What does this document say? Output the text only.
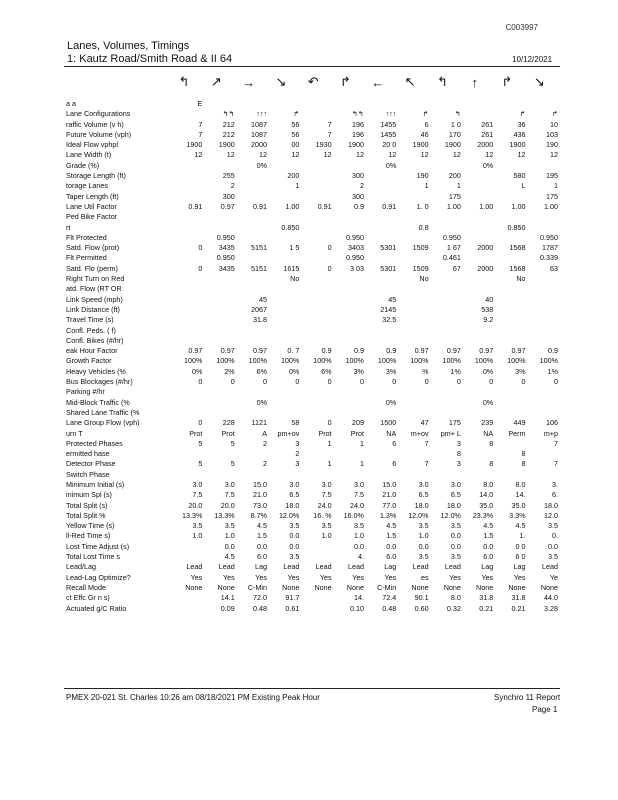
C003997
Lanes, Volumes, Timings
1: Kautz Road/Smith Road & II 64	10/12/2021
↰	↗	→	↘	↶	↱	←	↖	↰	↑	↱	↘
a a	E											
Lane Configurations		↰↰	↑↑↑	↱		↰↰	↑↑↑	↱	↰		↱	↱
raffic Volume (v h)	7	212	1087	56	7	196	1455	6	1 0	261	36	10
Future Volume (vph)	7	212	1087	56	7	196	1455	46	170	261	436	103
Ideal Flow vphpl	1900	1900	2000	00	1930	1900	20 0	1900	1900	2000	1900	190
Lane Width (t)	12	12	12	12	12	12	12	12	12	12	12	12
Grade (%)			0%				0%			0%		
Storage Length (ft)		255		200		300		190	200		580	195
torage Lanes		2		1		2		1	1		L	1
Taper Length (ft)		300				300			175			175
Lane Util Factor	0.91	0.97	0.91	1.00	0.91	0.9	0.91	1. 0	1.00	1.00	1.00	1.00
Ped Bike Factor												
rt				0.850				0.8			0.850	
Flt Protected		0.950				0.950			0.950			0.950
Satd. Flow (prot)	0	3435	5151	1 5	0	3403	5301	1509	1 67	2000	1568	1787
Flt Permitted		0.950				0.950			0.461			0.339
Satd. Flo (perm)	0	3435	5151	1615	0	3 03	5301	1509	67	2000	1568	63
Right Turn on Red				No				No			No	
atd. Flow (RT OR												
Link Speed (mph)			45				45			40		
Link Distance (ft)			2067				2145			538		
Travel Time (s)			31.8				32.5			9.2		
Confl. Peds. ( f)												
Confl. Bikes (#/hr)												
eak Hour Factor	0.97	0.97	0.97	0. 7	0.9	0.9	0.9	0.97	0.97	0.97	0.97	0.9
Growth Factor	100%	100%	100%	100%	100%	100%	100%	100%	100%	100%	100%	100%
Heavy Vehicles (%	0%	2%	6%	0%	6%	3%	3%	%	1%	0%	3%	1%
Bus Blockages (#/hr)	0	0	0	0	0	0	0	0	0	0	0	0
Parking #/hr												
Mid-Block Traffic (%			0%				0%			0%		
Shared Lane Traffic (%												
Lane Group Flow (vph)	0	228	1121	58	0	209	1500	47	175	239	449	106
urn T	Prot	Prot	A	pm+ov	Prot	Prot	NA	m+ov	pm+ L	NA	Perm	m+p
Protected Phases	5	5	2	3	1	1	6	7	3	8		7
ermitted hase				2					8		8	
Detector Phase	5	5	2	3	1	1	6	7	3	8	8	7
Switch Phase												
Minimum Initial (s)	3.0	3.0	15.0	3.0	3.0	3.0	15.0	3.0	3.0	8.0	8.0	3.
inimum Spl (s)	7.5	7.5	21.0	6.5	7.5	7.5	21.0	6.5	6.5	14.0	14.	6.
Total Split (s)	20.0	20.0	73.0	18.0	24.0	24.0	77.0	18.0	18.0	35.0	35.0	18.0
Total Split %	13.3%	13.3%	8.7%	12.0%	16. %	16.0%	1.3%	12.0%	12.0%	23.3%	3.3%	12.0
Yellow Time (s)	3.5	3.5	4.5	3.5	3.5	3.5	4.5	3.5	3.5	4.5	4.5	3.5
ll-Red Time s)	1.0	1.0	1.5	0.0	1.0	1.0	1.5	1.0	0.0	1.5	1.	0.
Lost Time Adjust (s)		0.0	0.0	0.0		0.0	0.0	0.0	0.0	0.0	0 0	0.0
Total Lost Time s		4.5	6.0	3.5		4.	6.0	3.5	3.5	6.0	6 0	3.5
Lead/Lag	Lead	Lead	Lag	Lead	Lead	Lead	Lag	Lead	Lead	Lag	Lag	Lead
Lead-Lag Optimize?	Yes	Yes	Yes	Yes	Yes	Yes	Yes	es	Yes	Yes	Yes	Ye
Recall Mode	None	None	C-Min	None	None	None	C-Min	None	None	None	None	None
ct Effc Gr n s)		14.1	72.0	91.7		14.	72.4	90.1	8.0	31.8	31.8	44.0
Actuated g/C Ratio		0.09	0.48	0.61		0.10	0.48	0.60	0.32	0.21	0.21	3.28
PMEX 20-021 St. Charles 10:26 am 08/18/2021 PM Existing Peak Hour	Synchro 11 Report
Page 1
